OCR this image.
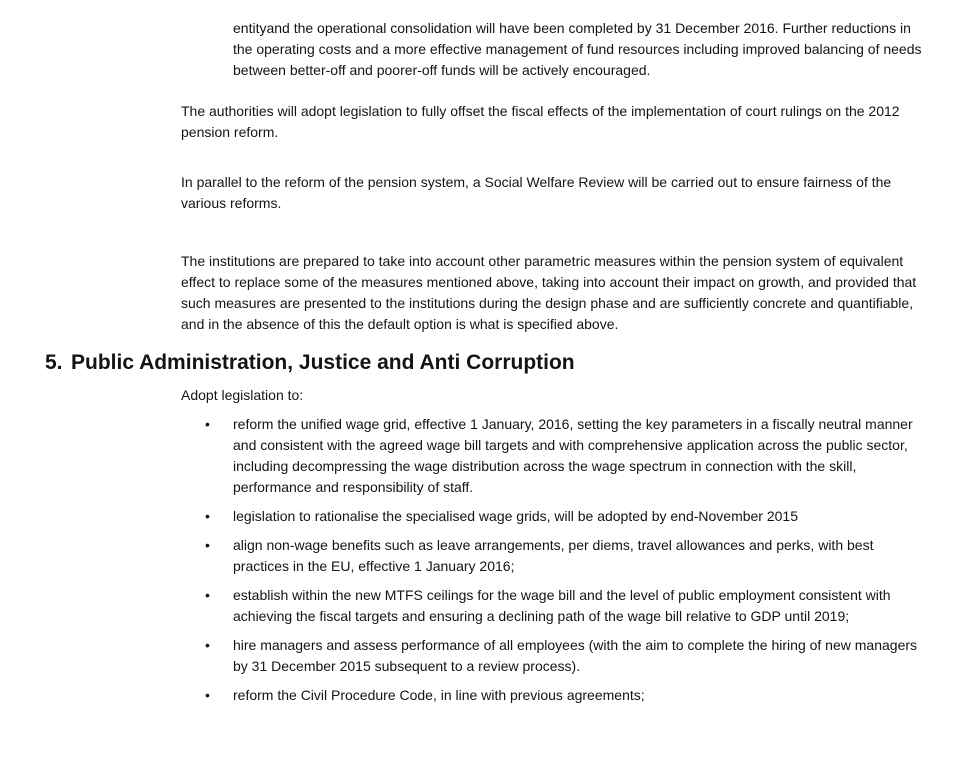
entityand the operational consolidation will have been completed by 31 December 2016. Further reductions in the operating costs and a more effective management of fund resources including improved balancing of needs between better-off and poorer-off funds will be actively encouraged.

The authorities will adopt legislation to fully offset the fiscal effects of the implementation of court rulings on the 2012 pension reform.

In parallel to the reform of the pension system, a Social Welfare Review will be carried out to ensure fairness of the various reforms.

The institutions are prepared to take into account other parametric measures within the pension system of equivalent effect to replace some of the measures mentioned above, taking into account their impact on growth, and provided that such measures are presented to the institutions during the design phase and are sufficiently concrete and quantifiable, and in the absence of this the default option is what is specified above.

5. Public Administration, Justice and Anti Corruption

Adopt legislation to:

•	reform the unified wage grid, effective 1 January, 2016, setting the key parameters in a fiscally neutral manner and consistent with the agreed wage bill targets and with comprehensive application across the public sector, including decompressing the wage distribution across the wage spectrum in connection with the skill, performance and responsibility of staff.
•	legislation to rationalise the specialised wage grids, will be adopted by end-November 2015
•	align non-wage benefits such as leave arrangements, per diems, travel allowances and perks, with best practices in the EU, effective 1 January 2016;
•	establish within the new MTFS ceilings for the wage bill and the level of public employment consistent with achieving the fiscal targets and ensuring a declining path of the wage bill relative to GDP until 2019;
•	hire managers and assess performance of all employees (with the aim to complete the hiring of new managers by 31 December 2015 subsequent to a review process).
•	reform the Civil Procedure Code, in line with previous agreements;
